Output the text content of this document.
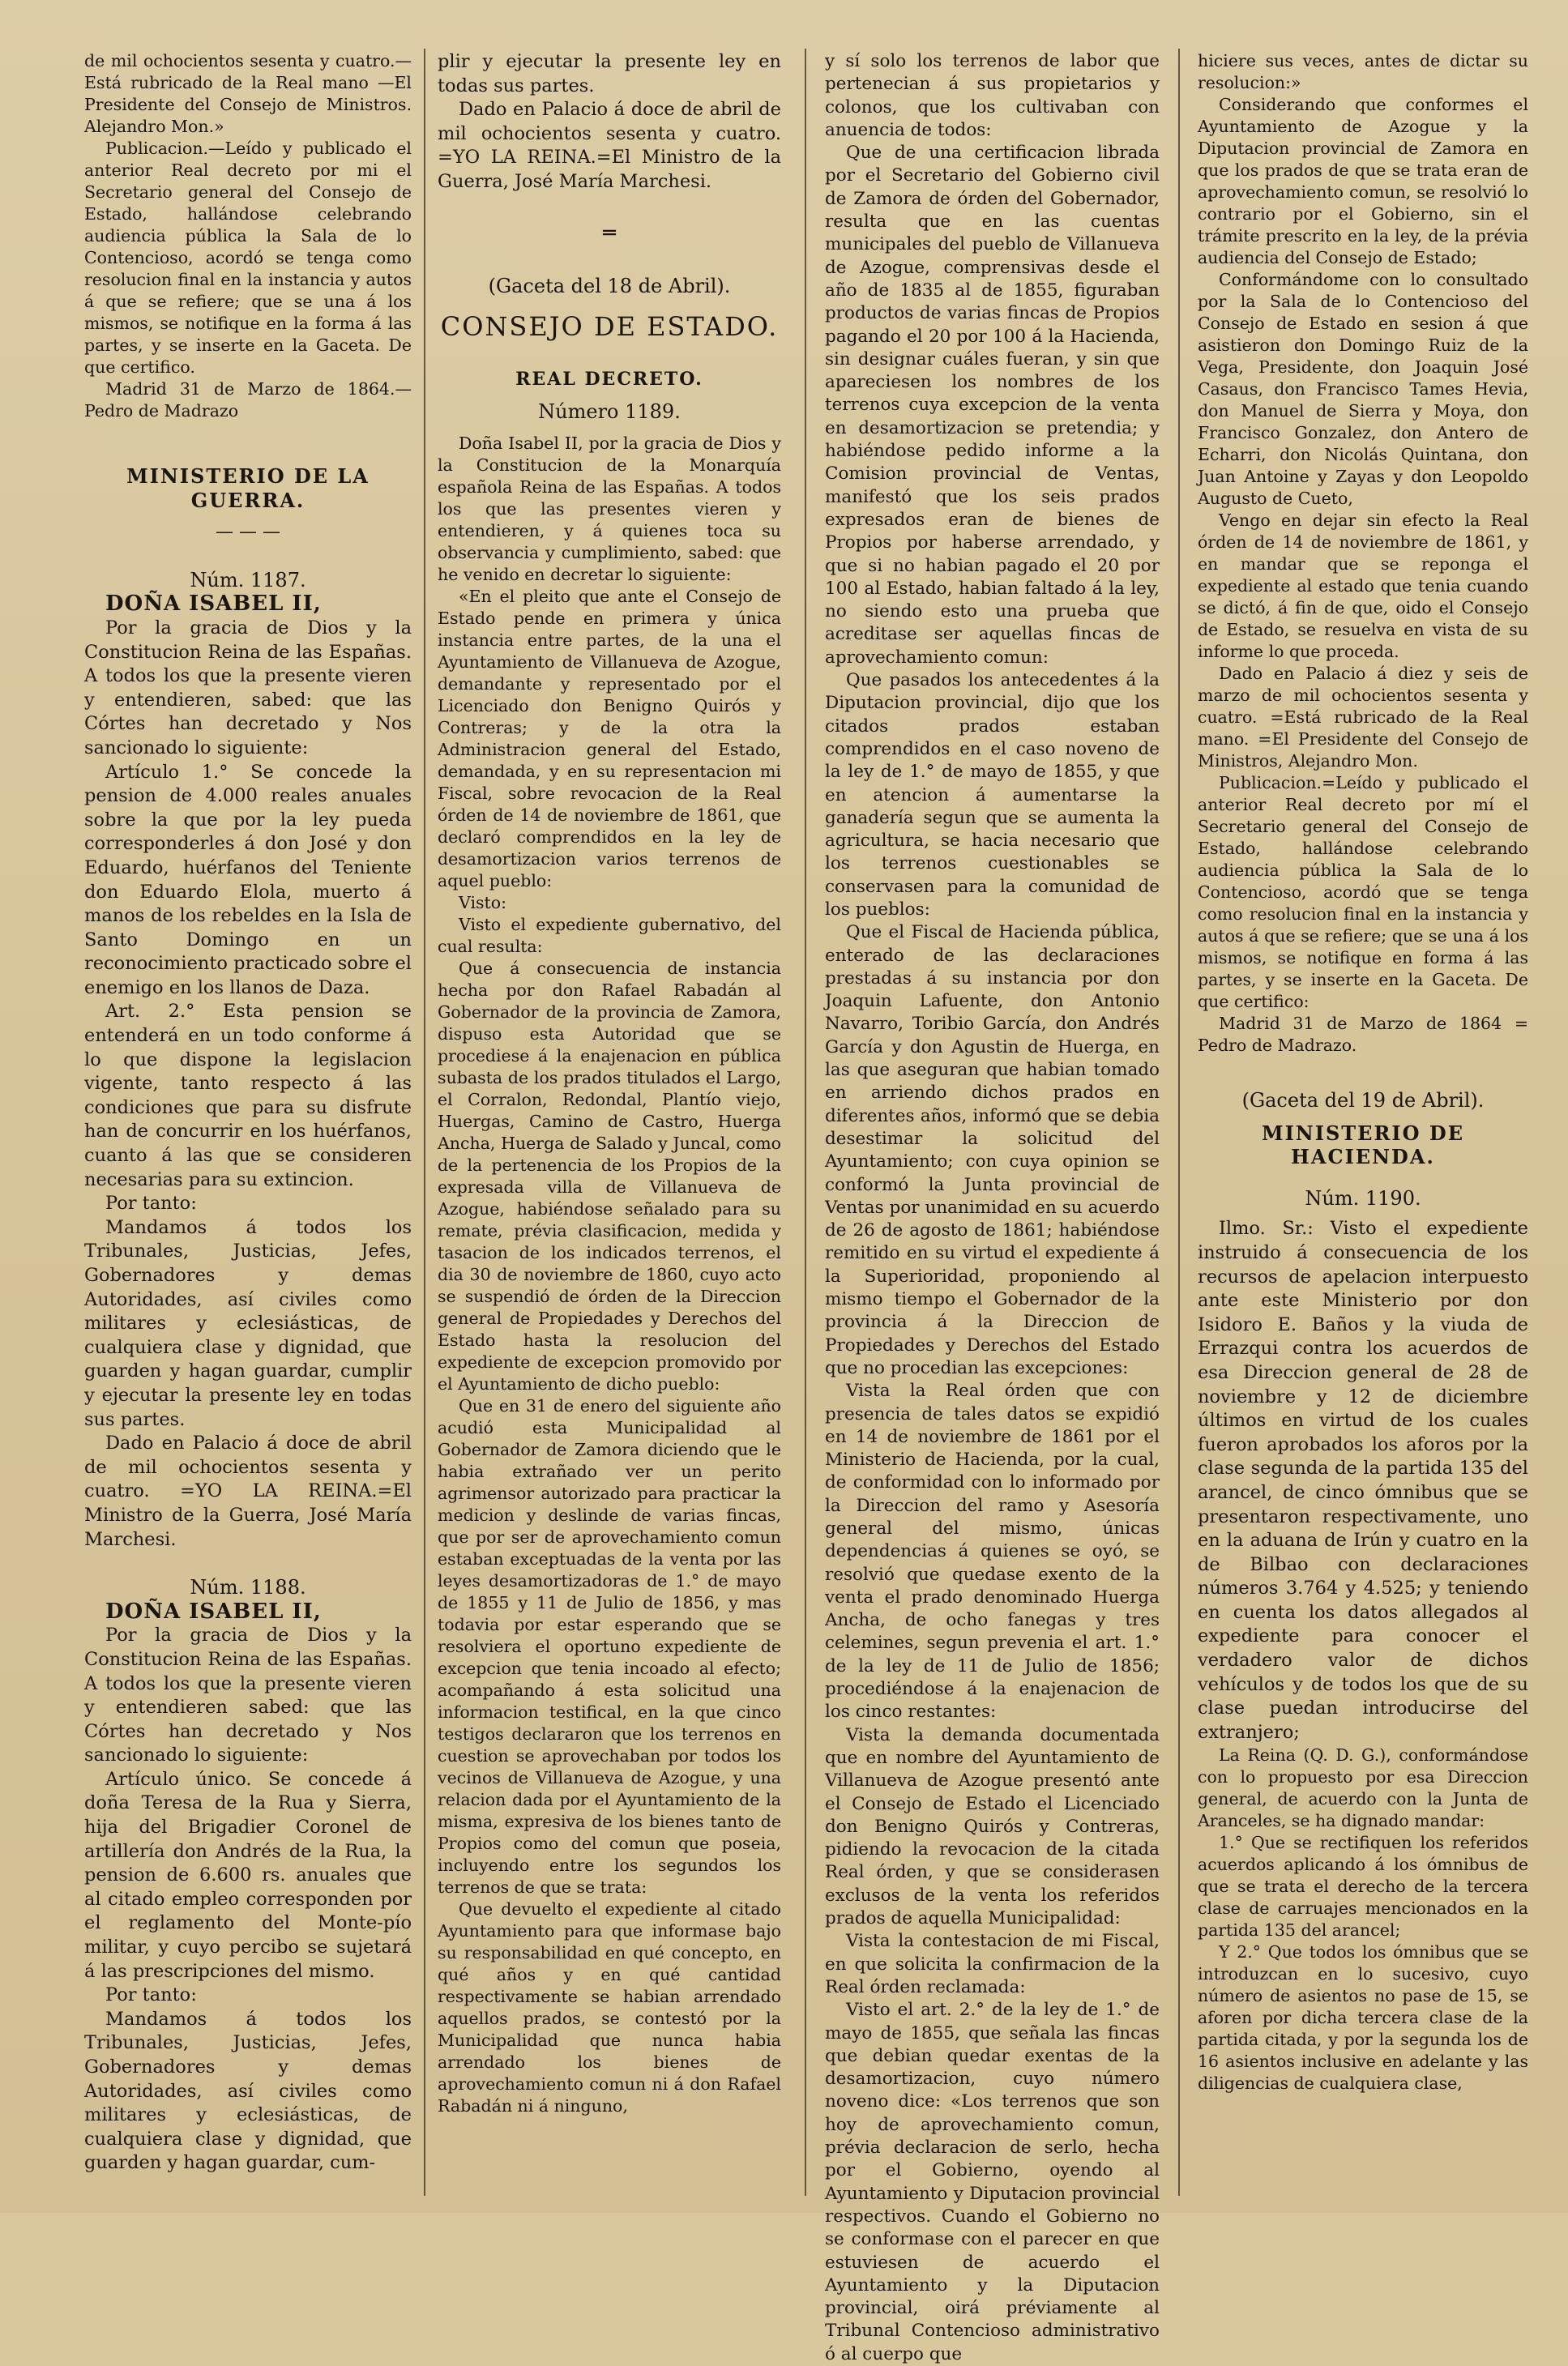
de mil ochocientos sesenta y cuatro.— Está rubricado de la Real mano —El Presidente del Consejo de Ministros. Alejandro Mon.»

Publicacion.—Leído y publicado el anterior Real decreto por mi el Secretario general del Consejo de Estado, hallándose celebrando audiencia pública la Sala de lo Contencioso, acordó se tenga como resolucion final en la instancia y autos á que se refiere; que se una á los mismos, se notifique en la forma á las partes, y se inserte en la Gaceta. De que certifico.

Madrid 31 de Marzo de 1864.— Pedro de Madrazo

MINISTERIO DE LA GUERRA.
— — —
Núm. 1187.

DOÑA ISABEL II,

Por la gracia de Dios y la Constitucion Reina de las Españas. A todos los que la presente vieren y entendieren, sabed: que las Córtes han decretado y Nos sancionado lo siguiente:

Artículo 1.° Se concede la pension de 4.000 reales anuales sobre la que por la ley pueda corresponderles á don José y don Eduardo, huérfanos del Teniente don Eduardo Elola, muerto á manos de los rebeldes en la Isla de Santo Domingo en un reconocimiento practicado sobre el enemigo en los llanos de Daza.

Art. 2.° Esta pension se entenderá en un todo conforme á lo que dispone la legislacion vigente, tanto respecto á las condiciones que para su disfrute han de concurrir en los huérfanos, cuanto á las que se consideren necesarias para su extincion.

Por tanto:

Mandamos á todos los Tribunales, Justicias, Jefes, Gobernadores y demas Autoridades, así civiles como militares y eclesiásticas, de cualquiera clase y dignidad, que guarden y hagan guardar, cumplir y ejecutar la presente ley en todas sus partes.

Dado en Palacio á doce de abril de mil ochocientos sesenta y cuatro. =YO LA REINA.=El Ministro de la Guerra, José María Marchesi.

Núm. 1188.

DOÑA ISABEL II,

Por la gracia de Dios y la Constitucion Reina de las Españas. A todos los que la presente vieren y entendieren sabed: que las Córtes han decretado y Nos sancionado lo siguiente:

Artículo único. Se concede á doña Teresa de la Rua y Sierra, hija del Brigadier Coronel de artillería don Andrés de la Rua, la pension de 6.600 rs. anuales que al citado empleo corresponden por el reglamento del Monte-pío militar, y cuyo percibo se sujetará á las prescripciones del mismo.

Por tanto:

Mandamos á todos los Tribunales, Justicias, Jefes, Gobernadores y demas Autoridades, así civiles como militares y eclesiásticas, de cualquiera clase y dignidad, que guarden y hagan guardar, cum-

plir y ejecutar la presente ley en todas sus partes.

Dado en Palacio á doce de abril de mil ochocientos sesenta y cuatro. =YO LA REINA.=El Ministro de la Guerra, José María Marchesi.

═
(Gaceta del 18 de Abril).
CONSEJO DE ESTADO.
REAL DECRETO.
Número 1189.

Doña Isabel II, por la gracia de Dios y la Constitucion de la Monarquía española Reina de las Españas. A todos los que las presentes vieren y entendieren, y á quienes toca su observancia y cumplimiento, sabed: que he venido en decretar lo siguiente:

«En el pleito que ante el Consejo de Estado pende en primera y única instancia entre partes, de la una el Ayuntamiento de Villanueva de Azogue, demandante y representado por el Licenciado don Benigno Quirós y Contreras; y de la otra la Administracion general del Estado, demandada, y en su representacion mi Fiscal, sobre revocacion de la Real órden de 14 de noviembre de 1861, que declaró comprendidos en la ley de desamortizacion varios terrenos de aquel pueblo:

Visto:

Visto el expediente gubernativo, del cual resulta:

Que á consecuencia de instancia hecha por don Rafael Rabadán al Gobernador de la provincia de Zamora, dispuso esta Autoridad que se procediese á la enajenacion en pública subasta de los prados titulados el Largo, el Corralon, Redondal, Plantío viejo, Huergas, Camino de Castro, Huerga Ancha, Huerga de Salado y Juncal, como de la pertenencia de los Propios de la expresada villa de Villanueva de Azogue, habiéndose señalado para su remate, prévia clasificacion, medida y tasacion de los indicados terrenos, el dia 30 de noviembre de 1860, cuyo acto se suspendió de órden de la Direccion general de Propiedades y Derechos del Estado hasta la resolucion del expediente de excepcion promovido por el Ayuntamiento de dicho pueblo:

Que en 31 de enero del siguiente año acudió esta Municipalidad al Gobernador de Zamora diciendo que le habia extrañado ver un perito agrimensor autorizado para practicar la medicion y deslinde de varias fincas, que por ser de aprovechamiento comun estaban exceptuadas de la venta por las leyes desamortizadoras de 1.° de mayo de 1855 y 11 de Julio de 1856, y mas todavia por estar esperando que se resolviera el oportuno expediente de excepcion que tenia incoado al efecto; acompañando á esta solicitud una informacion testifical, en la que cinco testigos declararon que los terrenos en cuestion se aprovechaban por todos los vecinos de Villanueva de Azogue, y una relacion dada por el Ayuntamiento de la misma, expresiva de los bienes tanto de Propios como del comun que poseia, incluyendo entre los segundos los terrenos de que se trata:

Que devuelto el expediente al citado Ayuntamiento para que informase bajo su responsabilidad en qué concepto, en qué años y en qué cantidad respectivamente se habian arrendado aquellos prados, se contestó por la Municipalidad que nunca habia arrendado los bienes de aprovechamiento comun ni á don Rafael Rabadán ni á ninguno,

y sí solo los terrenos de labor que pertenecian á sus propietarios y colonos, que los cultivaban con anuencia de todos:

Que de una certificacion librada por el Secretario del Gobierno civil de Zamora de órden del Gobernador, resulta que en las cuentas municipales del pueblo de Villanueva de Azogue, comprensivas desde el año de 1835 al de 1855, figuraban productos de varias fincas de Propios pagando el 20 por 100 á la Hacienda, sin designar cuáles fueran, y sin que apareciesen los nombres de los terrenos cuya excepcion de la venta en desamortizacion se pretendia; y habiéndose pedido informe a la Comision provincial de Ventas, manifestó que los seis prados expresados eran de bienes de Propios por haberse arrendado, y que si no habian pagado el 20 por 100 al Estado, habian faltado á la ley, no siendo esto una prueba que acreditase ser aquellas fincas de aprovechamiento comun:

Que pasados los antecedentes á la Diputacion provincial, dijo que los citados prados estaban comprendidos en el caso noveno de la ley de 1.° de mayo de 1855, y que en atencion á aumentarse la ganadería segun que se aumenta la agricultura, se hacia necesario que los terrenos cuestionables se conservasen para la comunidad de los pueblos:

Que el Fiscal de Hacienda pública, enterado de las declaraciones prestadas á su instancia por don Joaquin Lafuente, don Antonio Navarro, Toribio García, don Andrés García y don Agustin de Huerga, en las que aseguran que habian tomado en arriendo dichos prados en diferentes años, informó que se debia desestimar la solicitud del Ayuntamiento; con cuya opinion se conformó la Junta provincial de Ventas por unanimidad en su acuerdo de 26 de agosto de 1861; habiéndose remitido en su virtud el expediente á la Superioridad, proponiendo al mismo tiempo el Gobernador de la provincia á la Direccion de Propiedades y Derechos del Estado que no procedian las excepciones:

Vista la Real órden que con presencia de tales datos se expidió en 14 de noviembre de 1861 por el Ministerio de Hacienda, por la cual, de conformidad con lo informado por la Direccion del ramo y Asesoría general del mismo, únicas dependencias á quienes se oyó, se resolvió que quedase exento de la venta el prado denominado Huerga Ancha, de ocho fanegas y tres celemines, segun prevenia el art. 1.° de la ley de 11 de Julio de 1856; procediéndose á la enajenacion de los cinco restantes:

Vista la demanda documentada que en nombre del Ayuntamiento de Villanueva de Azogue presentó ante el Consejo de Estado el Licenciado don Benigno Quirós y Contreras, pidiendo la revocacion de la citada Real órden, y que se considerasen exclusos de la venta los referidos prados de aquella Municipalidad:

Vista la contestacion de mi Fiscal, en que solicita la confirmacion de la Real órden reclamada:

Visto el art. 2.° de la ley de 1.° de mayo de 1855, que señala las fincas que debian quedar exentas de la desamortizacion, cuyo número noveno dice: «Los terrenos que son hoy de aprovechamiento comun, prévia declaracion de serlo, hecha por el Gobierno, oyendo al Ayuntamiento y Diputacion provincial respectivos. Cuando el Gobierno no se conformase con el parecer en que estuviesen de acuerdo el Ayuntamiento y la Diputacion provincial, oirá préviamente al Tribunal Contencioso administrativo ó al cuerpo que

hiciere sus veces, antes de dictar su resolucion:»

Considerando que conformes el Ayuntamiento de Azogue y la Diputacion provincial de Zamora en que los prados de que se trata eran de aprovechamiento comun, se resolvió lo contrario por el Gobierno, sin el trámite prescrito en la ley, de la prévia audiencia del Consejo de Estado;

Conformándome con lo consultado por la Sala de lo Contencioso del Consejo de Estado en sesion á que asistieron don Domingo Ruiz de la Vega, Presidente, don Joaquin José Casaus, don Francisco Tames Hevia, don Manuel de Sierra y Moya, don Francisco Gonzalez, don Antero de Echarri, don Nicolás Quintana, don Juan Antoine y Zayas y don Leopoldo Augusto de Cueto,

Vengo en dejar sin efecto la Real órden de 14 de noviembre de 1861, y en mandar que se reponga el expediente al estado que tenia cuando se dictó, á fin de que, oido el Consejo de Estado, se resuelva en vista de su informe lo que proceda.

Dado en Palacio á diez y seis de marzo de mil ochocientos sesenta y cuatro. =Está rubricado de la Real mano. =El Presidente del Consejo de Ministros, Alejandro Mon.

Publicacion.=Leído y publicado el anterior Real decreto por mí el Secretario general del Consejo de Estado, hallándose celebrando audiencia pública la Sala de lo Contencioso, acordó que se tenga como resolucion final en la instancia y autos á que se refiere; que se una á los mismos, se notifique en forma á las partes, y se inserte en la Gaceta. De que certifico:

Madrid 31 de Marzo de 1864 = Pedro de Madrazo.

(Gaceta del 19 de Abril).
MINISTERIO DE HACIENDA.
Núm. 1190.

Ilmo. Sr.: Visto el expediente instruido á consecuencia de los recursos de apelacion interpuesto ante este Ministerio por don Isidoro E. Baños y la viuda de Errazqui contra los acuerdos de esa Direccion general de 28 de noviembre y 12 de diciembre últimos en virtud de los cuales fueron aprobados los aforos por la clase segunda de la partida 135 del arancel, de cinco ómnibus que se presentaron respectivamente, uno en la aduana de Irún y cuatro en la de Bilbao con declaraciones números 3.764 y 4.525; y teniendo en cuenta los datos allegados al expediente para conocer el verdadero valor de dichos vehículos y de todos los que de su clase puedan introducirse del extranjero;

La Reina (Q. D. G.), conformándose con lo propuesto por esa Direccion general, de acuerdo con la Junta de Aranceles, se ha dignado mandar:

1.° Que se rectifiquen los referidos acuerdos aplicando á los ómnibus de que se trata el derecho de la tercera clase de carruajes mencionados en la partida 135 del arancel;

Y 2.° Que todos los ómnibus que se introduzcan en lo sucesivo, cuyo número de asientos no pase de 15, se aforen por dicha tercera clase de la partida citada, y por la segunda los de 16 asientos inclusive en adelante y las diligencias de cualquiera clase,
